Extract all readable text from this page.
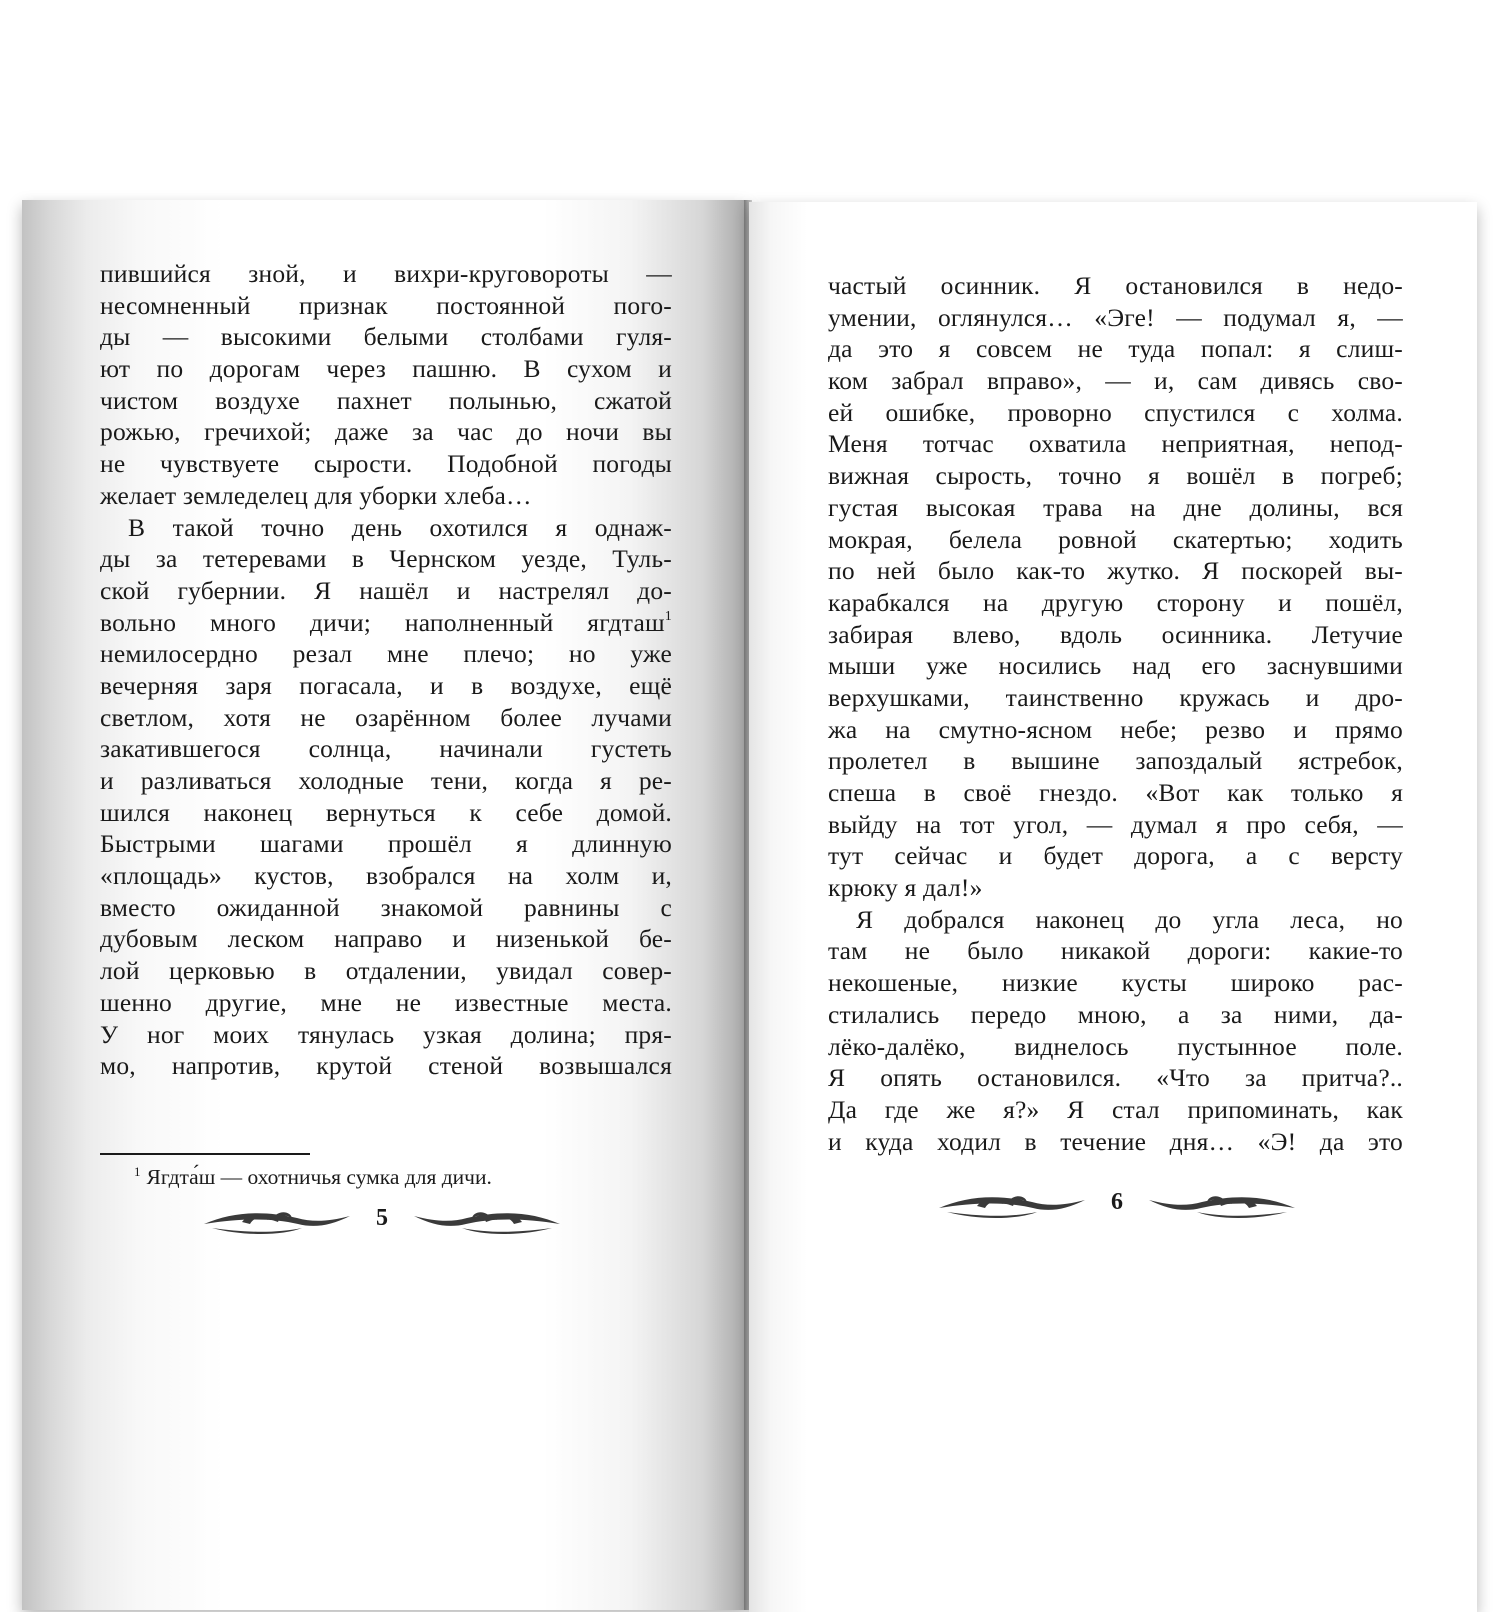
пившийся зной, и вихри-круговороты —
несомненный признак постоянной пого-
ды — высокими белыми столбами гуля-
ют по дорогам через пашню. В сухом и
чистом воздухе пахнет полынью, сжатой
рожью, гречихой; даже за час до ночи вы
не чувствуете сырости. Подобной погоды
желает земледелец для уборки хлеба…
В такой точно день охотился я однаж-
ды за тетеревами в Чернском уезде, Туль-
ской губернии. Я нашёл и настрелял до-
вольно много дичи; наполненный ягдташ$^1$
немилосердно резал мне плечо; но уже
вечерняя заря погасала, и в воздухе, ещё
светлом, хотя не озарённом более лучами
закатившегося солнца, начинали густеть
и разливаться холодные тени, когда я ре-
шился наконец вернуться к себе домой.
Быстрыми шагами прошёл я длинную
«площадь» кустов, взобрался на холм и,
вместо ожиданной знакомой равнины с
дубовым леском направо и низенькой бе-
лой церковью в отдалении, увидал совер-
шенно другие, мне не известные места.
У ног моих тянулась узкая долина; пря-
мо, напротив, крутой стеной возвышался
$^1$ Ягдта́ш — охотничья сумка для дичи.
5
частый осинник. Я остановился в недо-
умении, оглянулся… «Эге! — подумал я, —
да это я совсем не туда попал: я слиш-
ком забрал вправо», — и, сам дивясь сво-
ей ошибке, проворно спустился с холма.
Меня тотчас охватила неприятная, непод-
вижная сырость, точно я вошёл в погреб;
густая высокая трава на дне долины, вся
мокрая, белела ровной скатертью; ходить
по ней было как-то жутко. Я поскорей вы-
карабкался на другую сторону и пошёл,
забирая влево, вдоль осинника. Летучие
мыши уже носились над его заснувшими
верхушками, таинственно кружась и дро-
жа на смутно-ясном небе; резво и прямо
пролетел в вышине запоздалый ястребок,
спеша в своё гнездо. «Вот как только я
выйду на тот угол, — думал я про себя, —
тут сейчас и будет дорога, а с версту
крюку я дал!»
Я добрался наконец до угла леса, но
там не было никакой дороги: какие-то
некошеные, низкие кусты широко рас-
стилались передо мною, а за ними, да-
лёко-далёко, виднелось пустынное поле.
Я опять остановился. «Что за притча?..
Да где же я?» Я стал припоминать, как
и куда ходил в течение дня… «Э! да это
6
